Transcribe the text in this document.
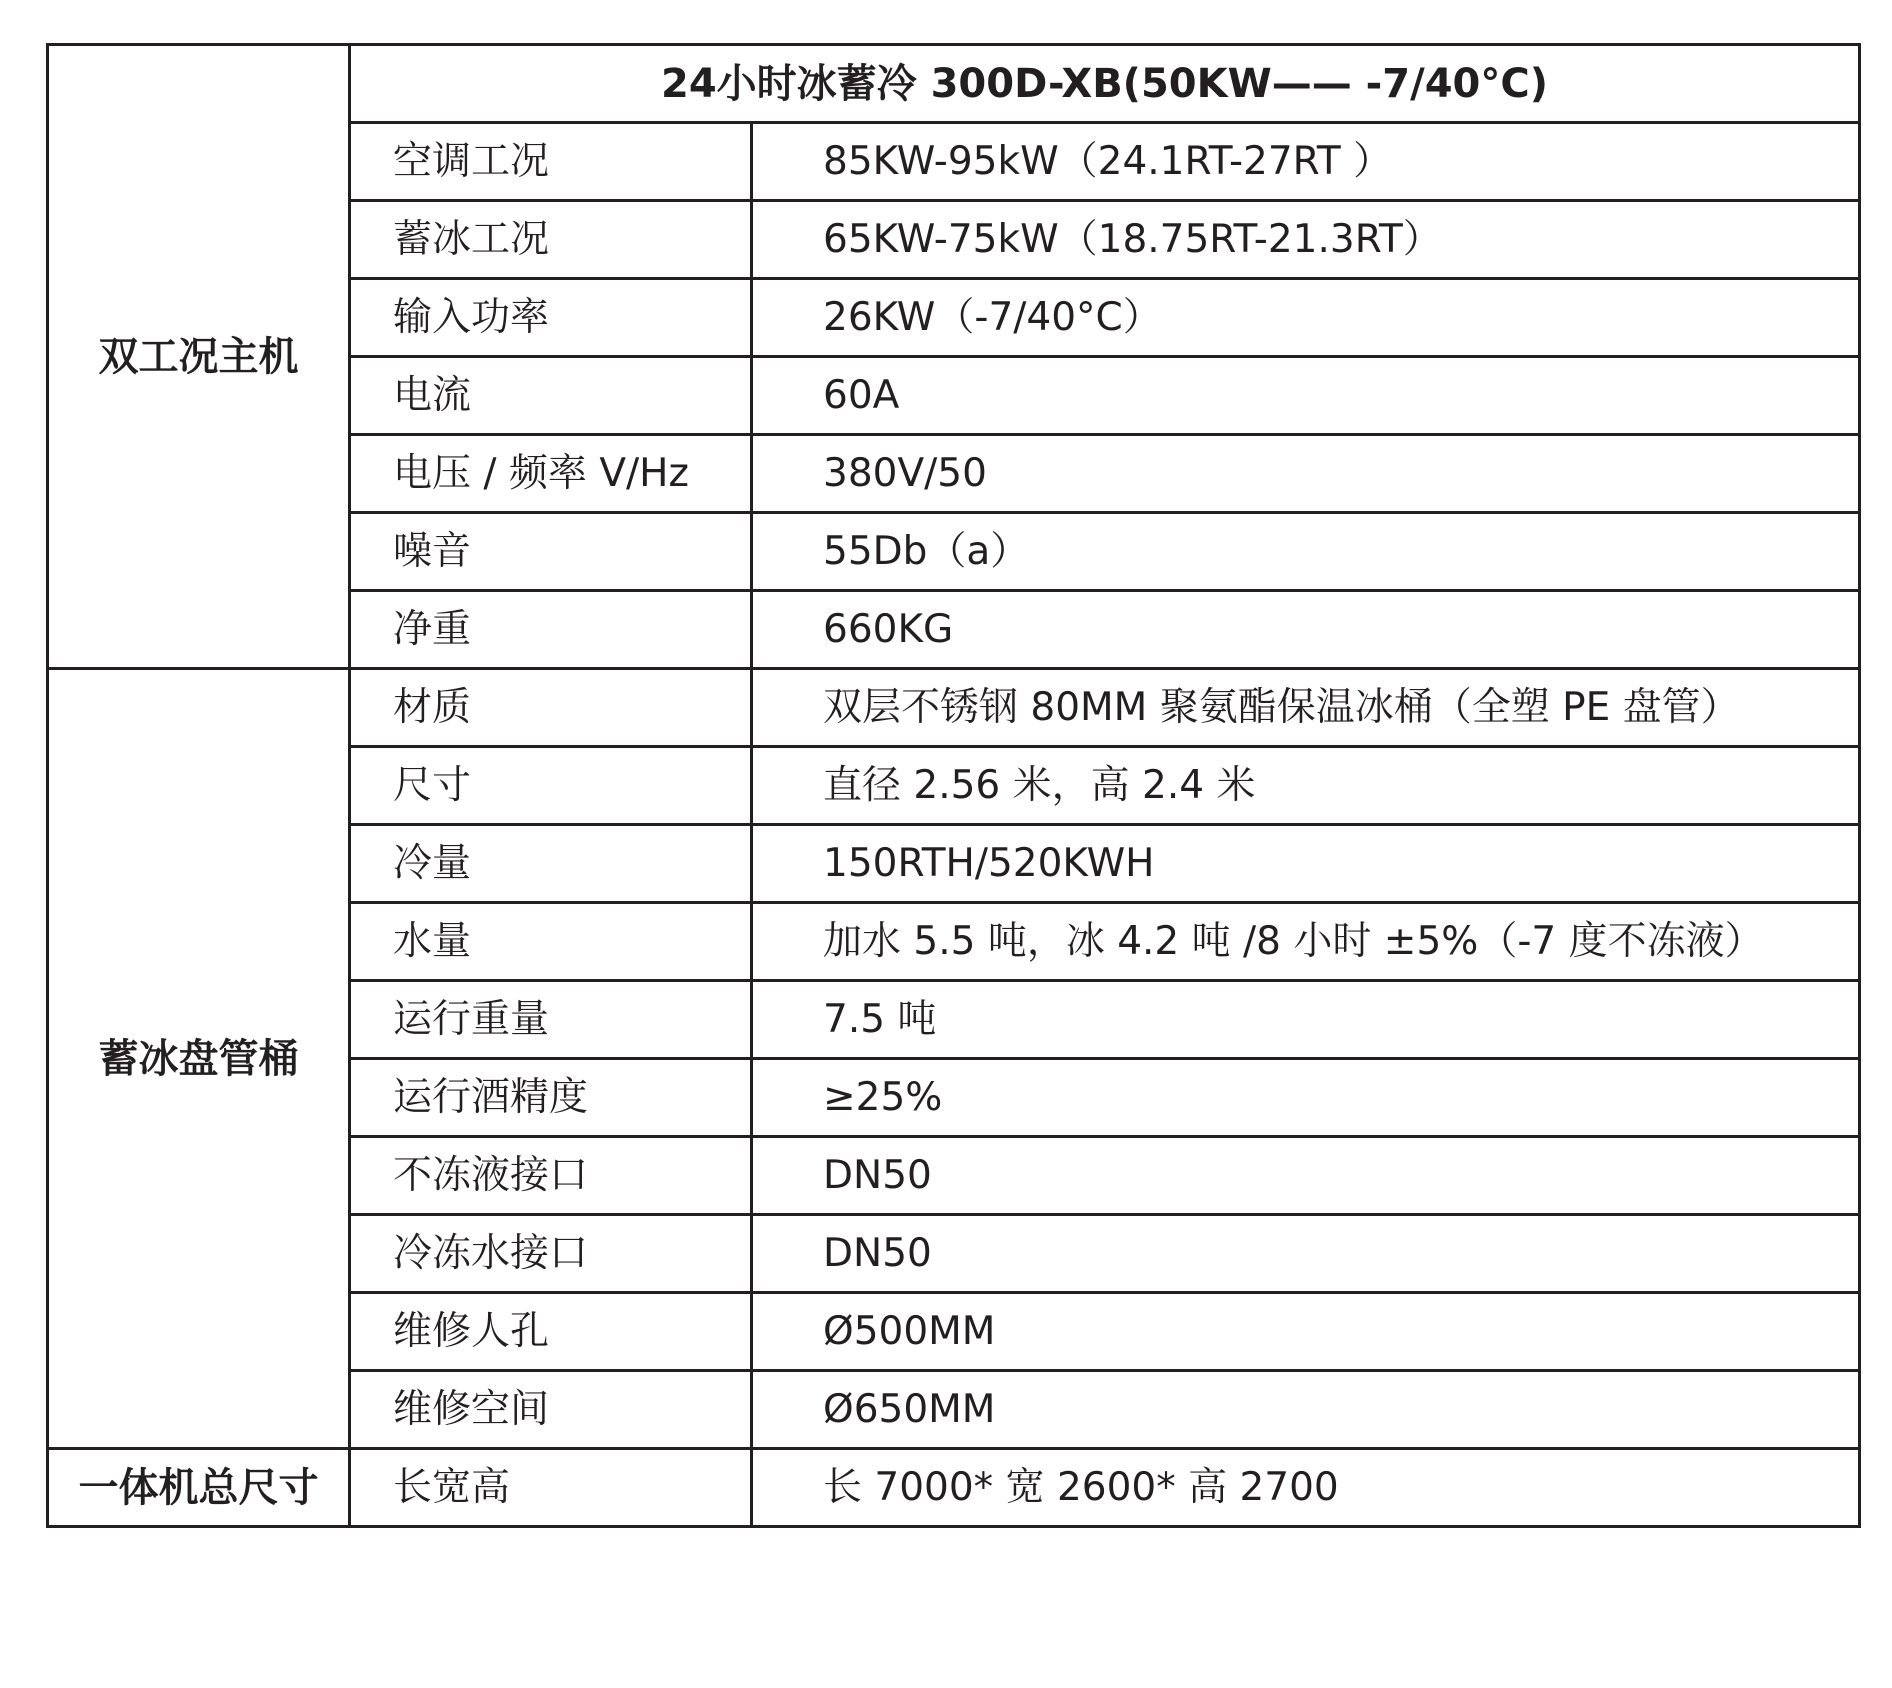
双工况主机	24小时冰蓄冷 300D-XB(50KW—— -7/40°C)	
	空调工况	85KW-95kW（24.1RT-27RT ）
	蓄冰工况	65KW-75kW（18.75RT-21.3RT）
	输入功率	26KW（-7/40°C）
	电流	60A
	电压 / 频率 V/Hz	380V/50
	噪音	55Db（a）
	净重	660KG
蓄冰盘管桶	材质	双层不锈钢 80MM 聚氨酯保温冰桶（全塑 PE 盘管）
	尺寸	直径 2.56 米，高 2.4 米
	冷量	150RTH/520KWH
	水量	加水 5.5 吨，冰 4.2 吨 /8 小时 ±5%（-7 度不冻液）
	运行重量	7.5 吨
	运行酒精度	≥25%
	不冻液接口	DN50
	冷冻水接口	DN50
	维修人孔	Ø500MM
	维修空间	Ø650MM
一体机总尺寸	长宽高	长 7000* 宽 2600* 高 2700
